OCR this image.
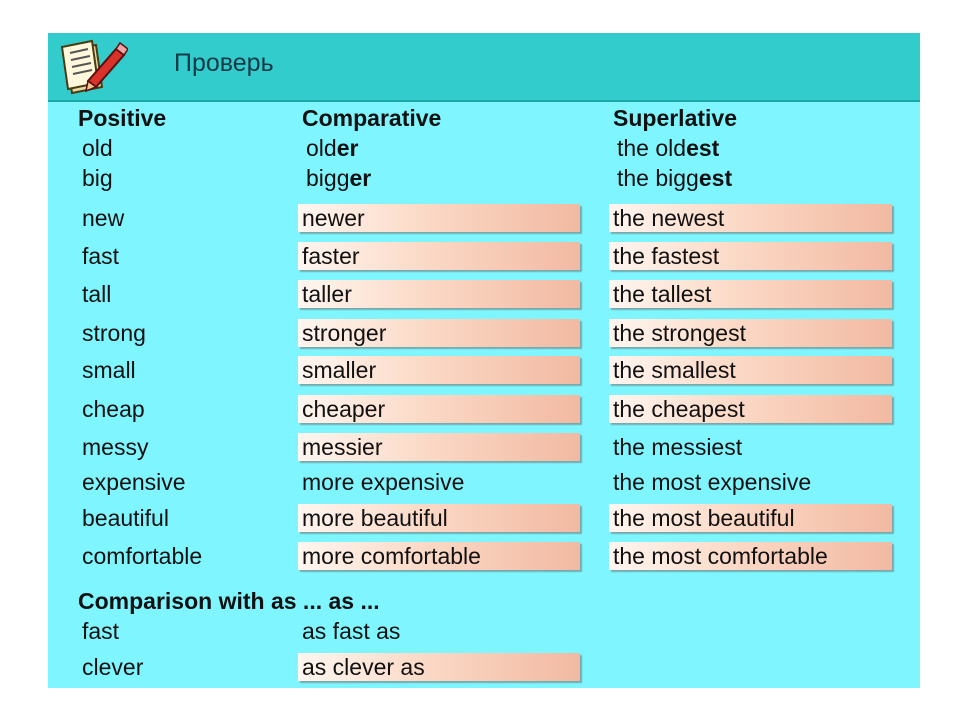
Проверь
Positive	Comparative	Superlative
old	older	the oldest
big	bigger	the biggest
new	newer	the newest
fast	faster	the fastest
tall	taller	the tallest
strong	stronger	the strongest
small	smaller	the smallest
cheap	cheaper	the cheapest
messy	messier	the messiest
expensive	more expensive	the most expensive
beautiful	more beautiful	the most beautiful
comfortable	more comfortable	the most comfortable
fast	as fast as
clever	as clever as
Comparison with as ... as ...
